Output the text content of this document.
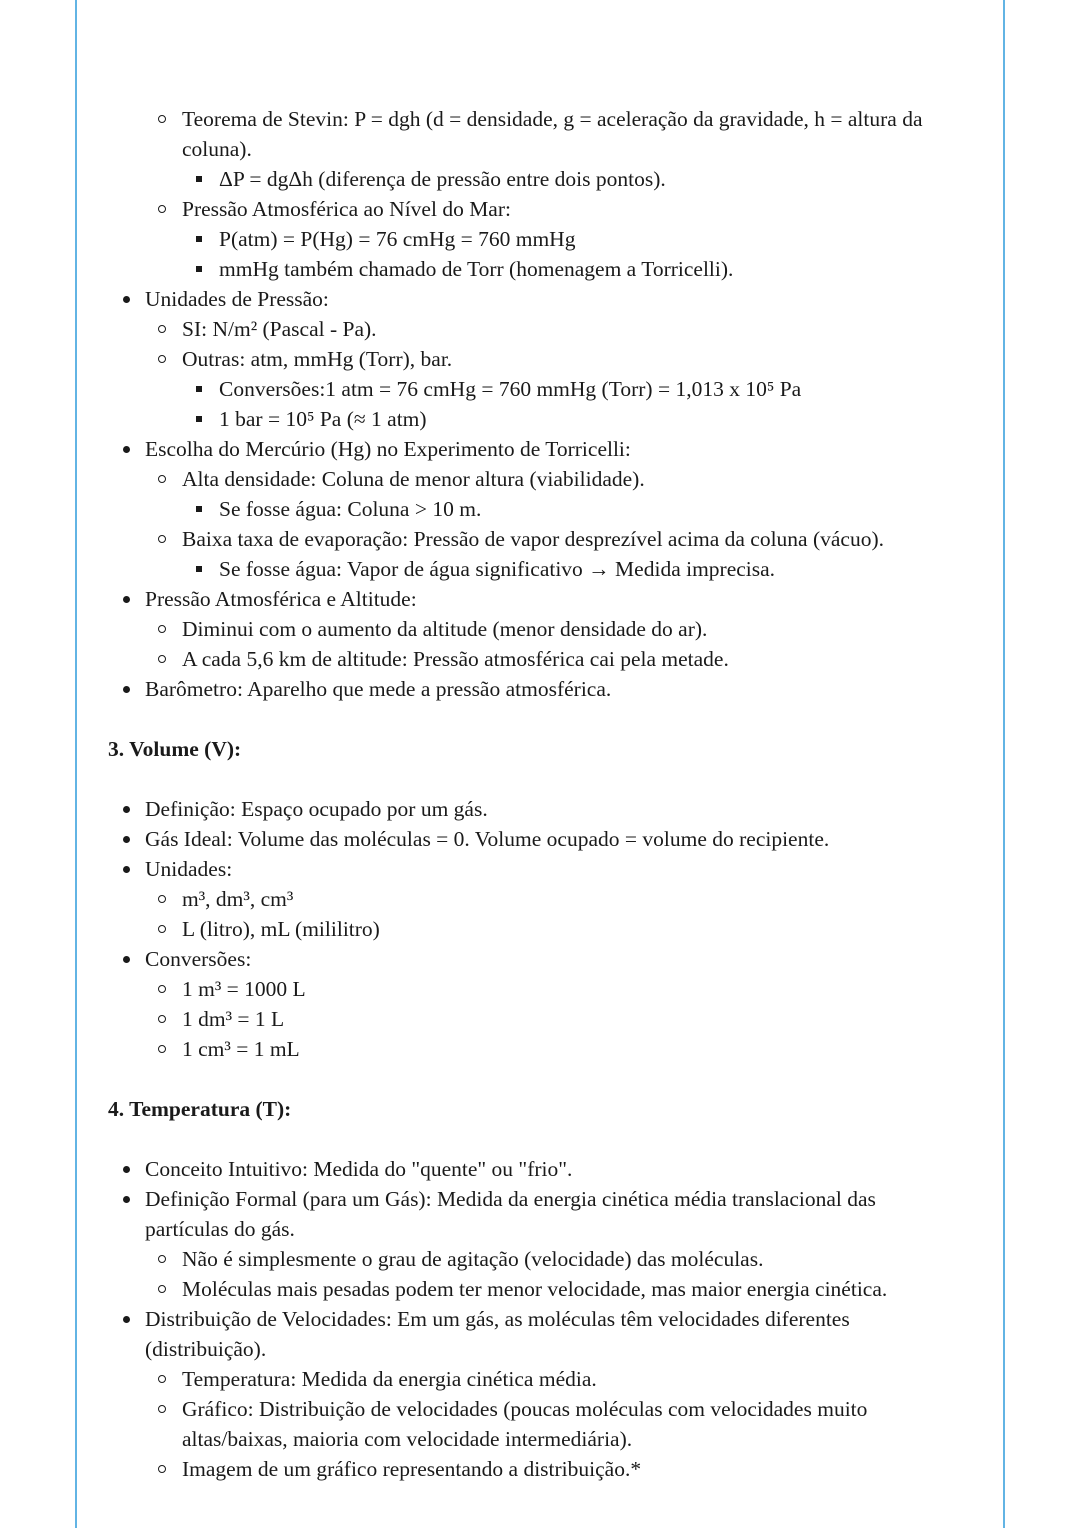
Teorema de Stevin: P = dgh (d = densidade, g = aceleração da gravidade, h = altura da
coluna).
ΔP = dgΔh (diferença de pressão entre dois pontos).
Pressão Atmosférica ao Nível do Mar:
P(atm) = P(Hg) = 76 cmHg = 760 mmHg
mmHg também chamado de Torr (homenagem a Torricelli).
Unidades de Pressão:
SI: N/m² (Pascal - Pa).
Outras: atm, mmHg (Torr), bar.
Conversões:1 atm = 76 cmHg = 760 mmHg (Torr) = 1,013 x 10⁵ Pa
1 bar = 10⁵ Pa (≈ 1 atm)
Escolha do Mercúrio (Hg) no Experimento de Torricelli:
Alta densidade: Coluna de menor altura (viabilidade).
Se fosse água: Coluna > 10 m.
Baixa taxa de evaporação: Pressão de vapor desprezível acima da coluna (vácuo).
Se fosse água: Vapor de água significativo → Medida imprecisa.
Pressão Atmosférica e Altitude:
Diminui com o aumento da altitude (menor densidade do ar).
A cada 5,6 km de altitude: Pressão atmosférica cai pela metade.
Barômetro: Aparelho que mede a pressão atmosférica.
3. Volume (V):
Definição: Espaço ocupado por um gás.
Gás Ideal: Volume das moléculas = 0. Volume ocupado = volume do recipiente.
Unidades:
m³, dm³, cm³
L (litro), mL (mililitro)
Conversões:
1 m³ = 1000 L
1 dm³ = 1 L
1 cm³ = 1 mL
4. Temperatura (T):
Conceito Intuitivo: Medida do "quente" ou "frio".
Definição Formal (para um Gás): Medida da energia cinética média translacional das
partículas do gás.
Não é simplesmente o grau de agitação (velocidade) das moléculas.
Moléculas mais pesadas podem ter menor velocidade, mas maior energia cinética.
Distribuição de Velocidades: Em um gás, as moléculas têm velocidades diferentes
(distribuição).
Temperatura: Medida da energia cinética média.
Gráfico: Distribuição de velocidades (poucas moléculas com velocidades muito
altas/baixas, maioria com velocidade intermediária).
Imagem de um gráfico representando a distribuição.*
